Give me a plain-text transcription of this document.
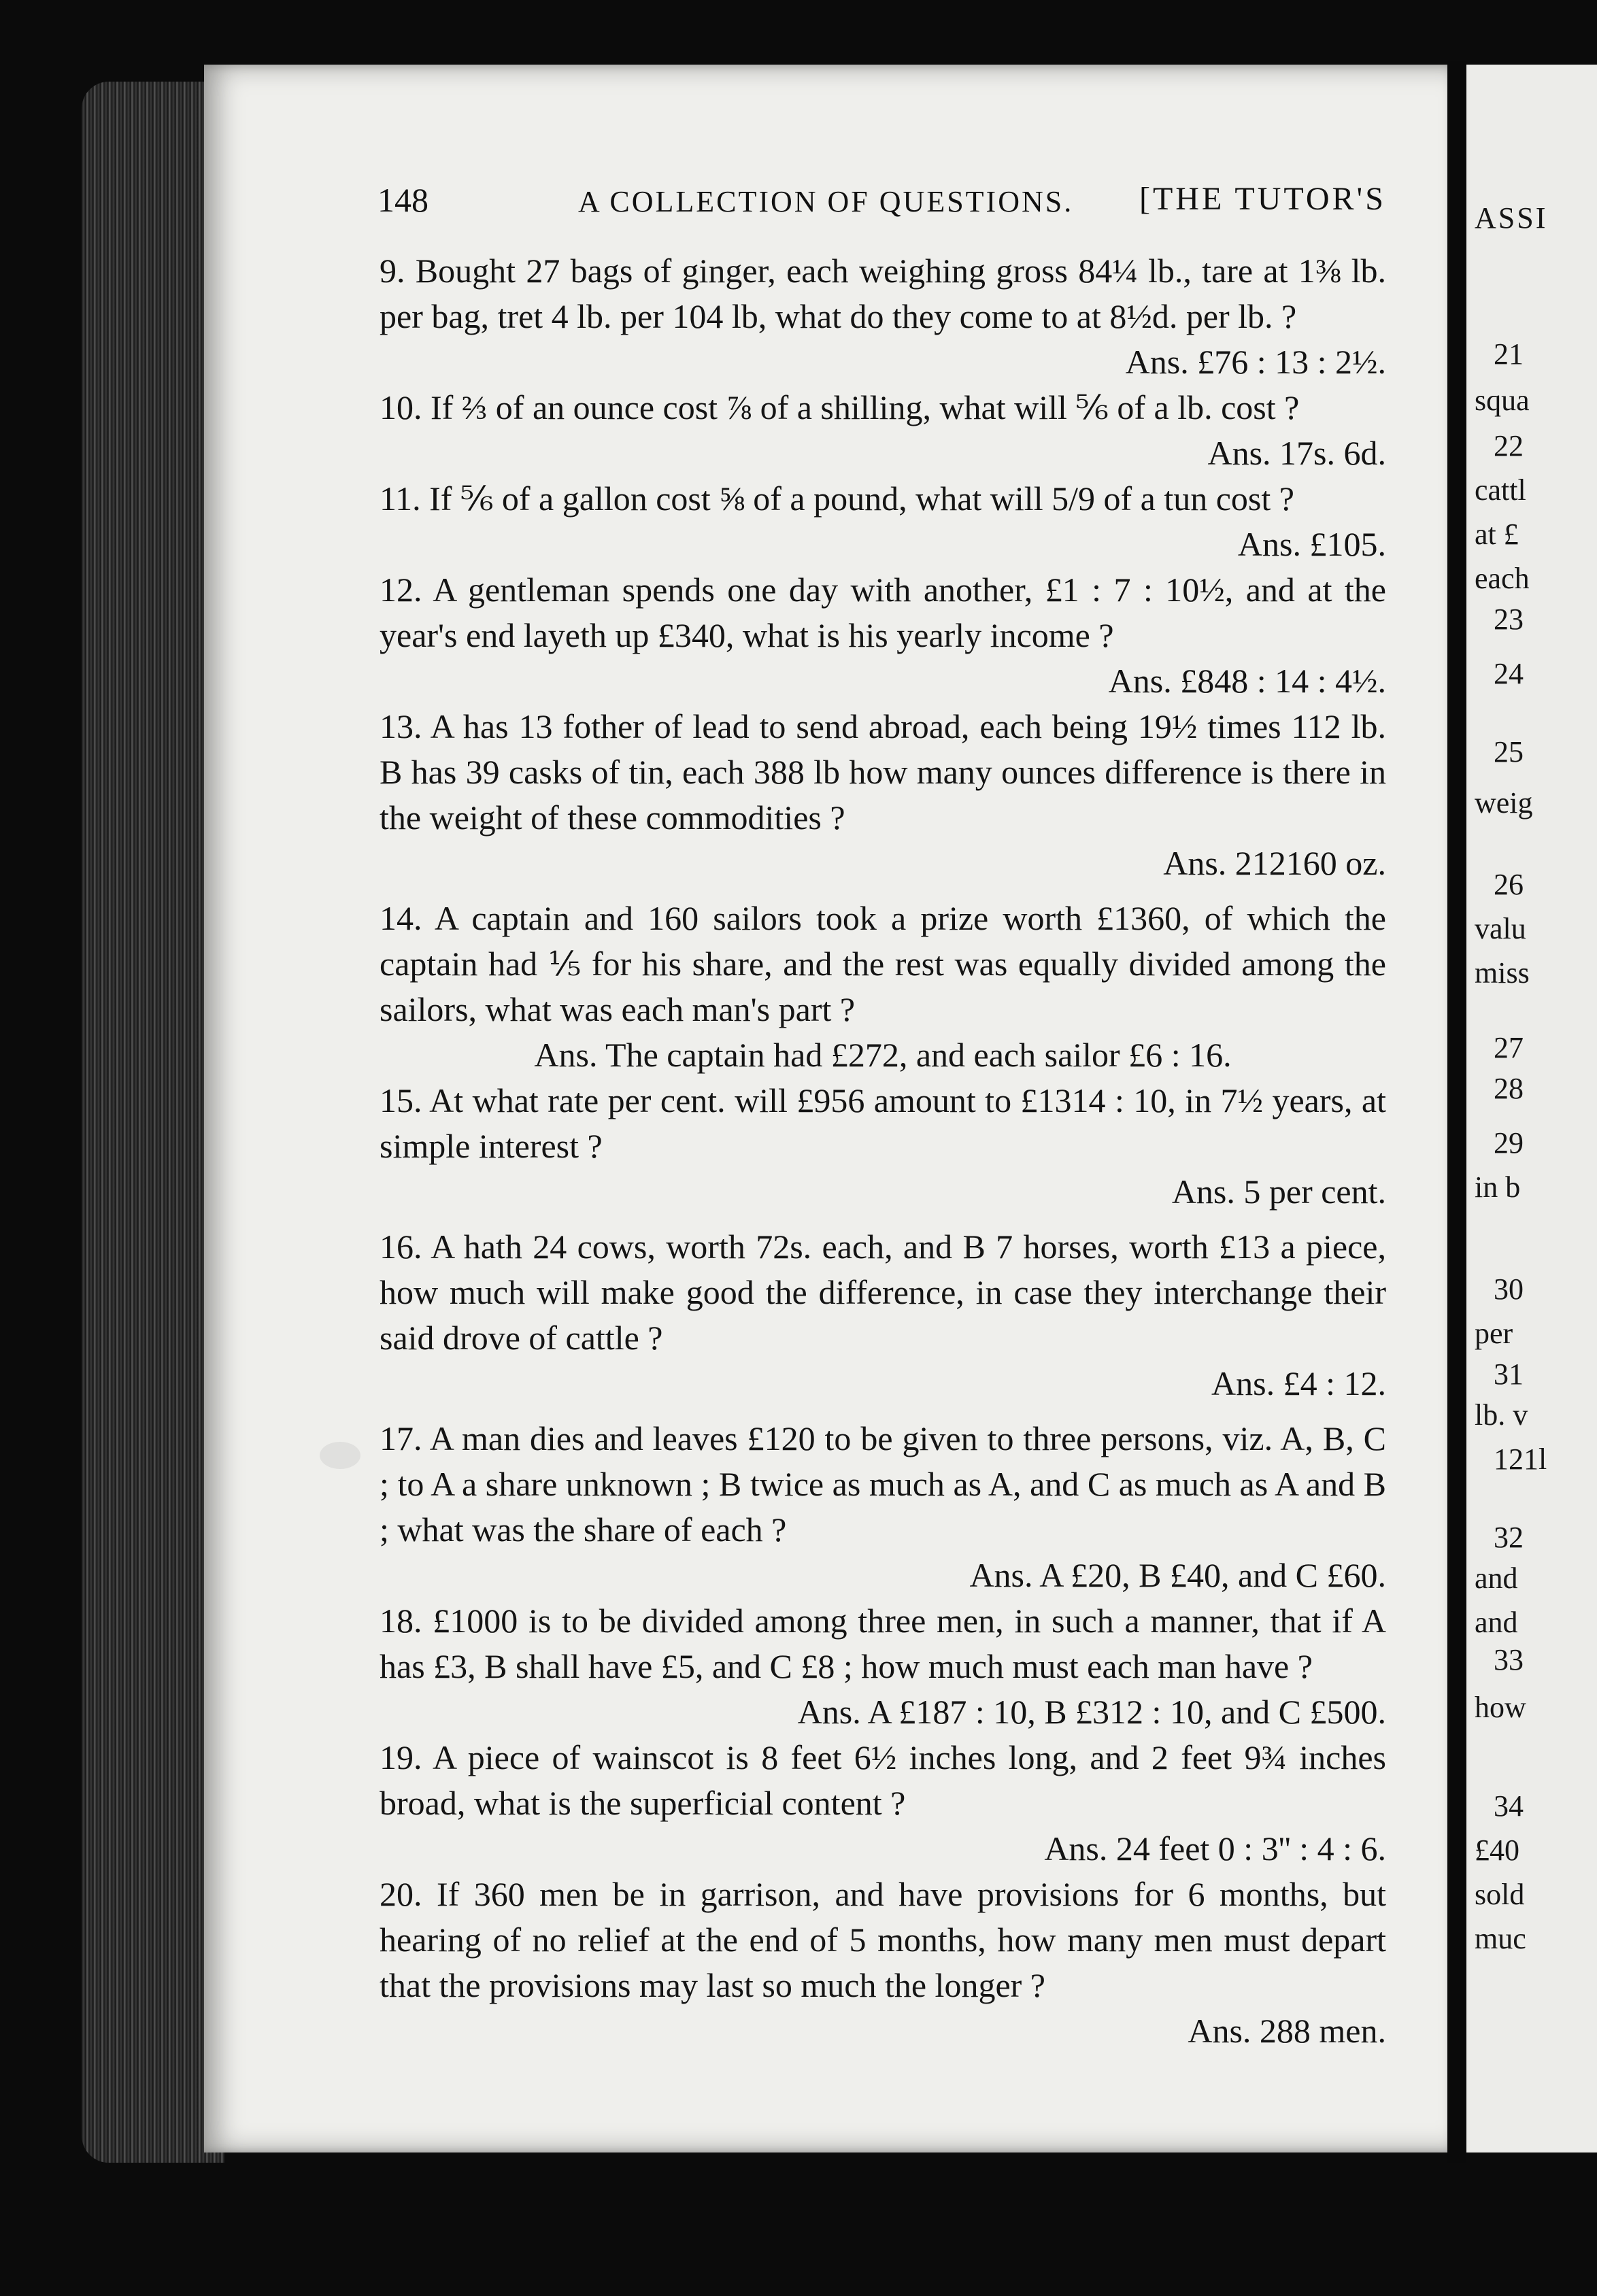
148	A COLLECTION OF QUESTIONS. [THE TUTOR'S

9. Bought 27 bags of ginger, each weighing gross 84¼ lb., tare at 1⅜ lb. per bag, tret 4 lb. per 104 lb, what do they come to at 8½d. per lb. ?

Ans. £76 : 13 : 2½.

10. If ⅔ of an ounce cost ⅞ of a shilling, what will ⅚ of a lb. cost ?

Ans. 17s. 6d.

11. If ⅚ of a gallon cost ⅝ of a pound, what will 5/9 of a tun cost ?

Ans. £105.

12. A gentleman spends one day with another, £1 : 7 : 10½, and at the year's end layeth up £340, what is his yearly income ?

Ans. £848 : 14 : 4½.

13. A has 13 fother of lead to send abroad, each being 19½ times 112 lb. B has 39 casks of tin, each 388 lb how many ounces difference is there in the weight of these commodities ?

Ans. 212160 oz.

14. A captain and 160 sailors took a prize worth £1360, of which the captain had ⅕ for his share, and the rest was equally divided among the sailors, what was each man's part ?

Ans. The captain had £272, and each sailor £6 : 16.

15. At what rate per cent. will £956 amount to £1314 : 10, in 7½ years, at simple interest ?

Ans. 5 per cent.

16. A hath 24 cows, worth 72s. each, and B 7 horses, worth £13 a piece, how much will make good the difference, in case they interchange their said drove of cattle ?

Ans. £4 : 12.

17. A man dies and leaves £120 to be given to three persons, viz. A, B, C ; to A a share unknown ; B twice as much as A, and C as much as A and B ; what was the share of each ?

Ans. A £20, B £40, and C £60.

18. £1000 is to be divided among three men, in such a manner, that if A has £3, B shall have £5, and C £8 ; how much must each man have ?

Ans. A £187 : 10, B £312 : 10, and C £500.

19. A piece of wainscot is 8 feet 6½ inches long, and 2 feet 9¾ inches broad, what is the superficial content ?

Ans. 24 feet 0 : 3'' : 4 : 6.

20. If 360 men be in garrison, and have provisions for 6 months, but hearing of no relief at the end of 5 months, how many men must depart that the provisions may last so much the longer ?

Ans. 288 men.

ASSI
21
squa
22
cattl
at £
each
23
24
25
weig
26
valu
miss
27
28
29
in b
30
per
31
lb. v
121l
32
and
and
33
how
34
£40
sold
muc
